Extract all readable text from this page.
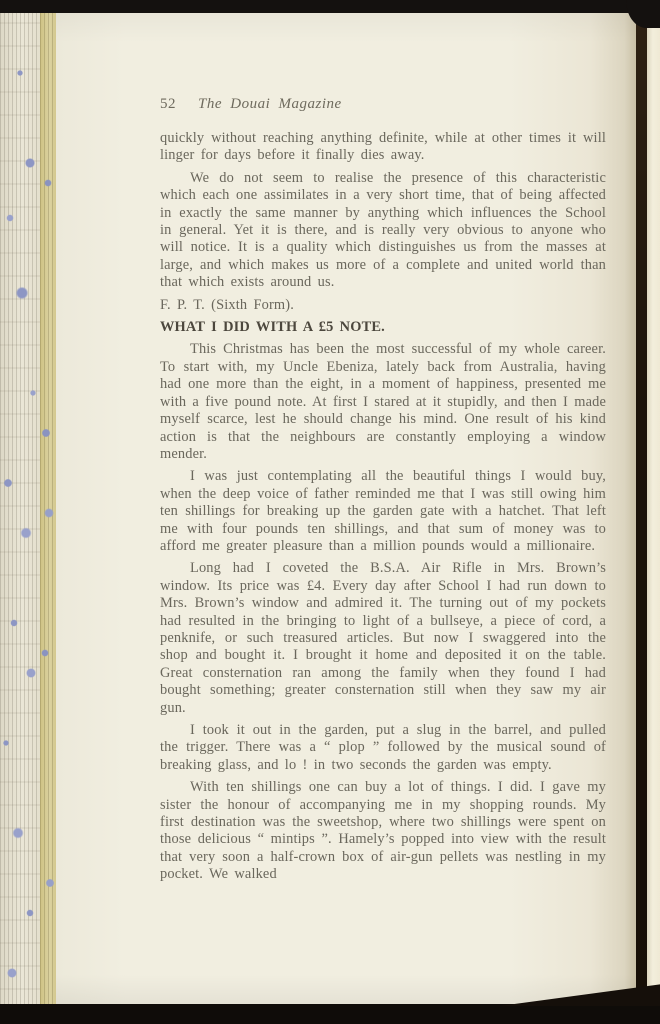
52 The Douai Magazine

quickly without reaching anything definite, while at other times it will linger for days before it finally dies away.

We do not seem to realise the presence of this characteristic which each one assimilates in a very short time, that of being affected in exactly the same manner by anything which influences the School in general. Yet it is there, and is really very obvious to anyone who will notice. It is a quality which distinguishes us from the masses at large, and which makes us more of a complete and united world than that which exists around us.

F. P. T. (Sixth Form).

WHAT I DID WITH A £5 NOTE.

This Christmas has been the most successful of my whole career. To start with, my Uncle Ebeniza, lately back from Australia, having had one more than the eight, in a moment of happiness, presented me with a five pound note. At first I stared at it stupidly, and then I made myself scarce, lest he should change his mind. One result of his kind action is that the neighbours are constantly employing a window mender.

I was just contemplating all the beautiful things I would buy, when the deep voice of father reminded me that I was still owing him ten shillings for breaking up the garden gate with a hatchet. That left me with four pounds ten shillings, and that sum of money was to afford me greater pleasure than a million pounds would a millionaire.

Long had I coveted the B.S.A. Air Rifle in Mrs. Brown’s window. Its price was £4. Every day after School I had run down to Mrs. Brown’s window and admired it. The turning out of my pockets had resulted in the bringing to light of a bullseye, a piece of cord, a penknife, or such treasured articles. But now I swaggered into the shop and bought it. I brought it home and deposited it on the table. Great consternation ran among the family when they found I had bought something; greater consternation still when they saw my air gun.

I took it out in the garden, put a slug in the barrel, and pulled the trigger. There was a “ plop ” followed by the musical sound of breaking glass, and lo ! in two seconds the garden was empty.

With ten shillings one can buy a lot of things. I did. I gave my sister the honour of accompanying me in my shopping rounds. My first destination was the sweetshop, where two shillings were spent on those delicious “ mintips ”. Hamely’s popped into view with the result that very soon a half-crown box of air-gun pellets was nestling in my pocket. We walked
